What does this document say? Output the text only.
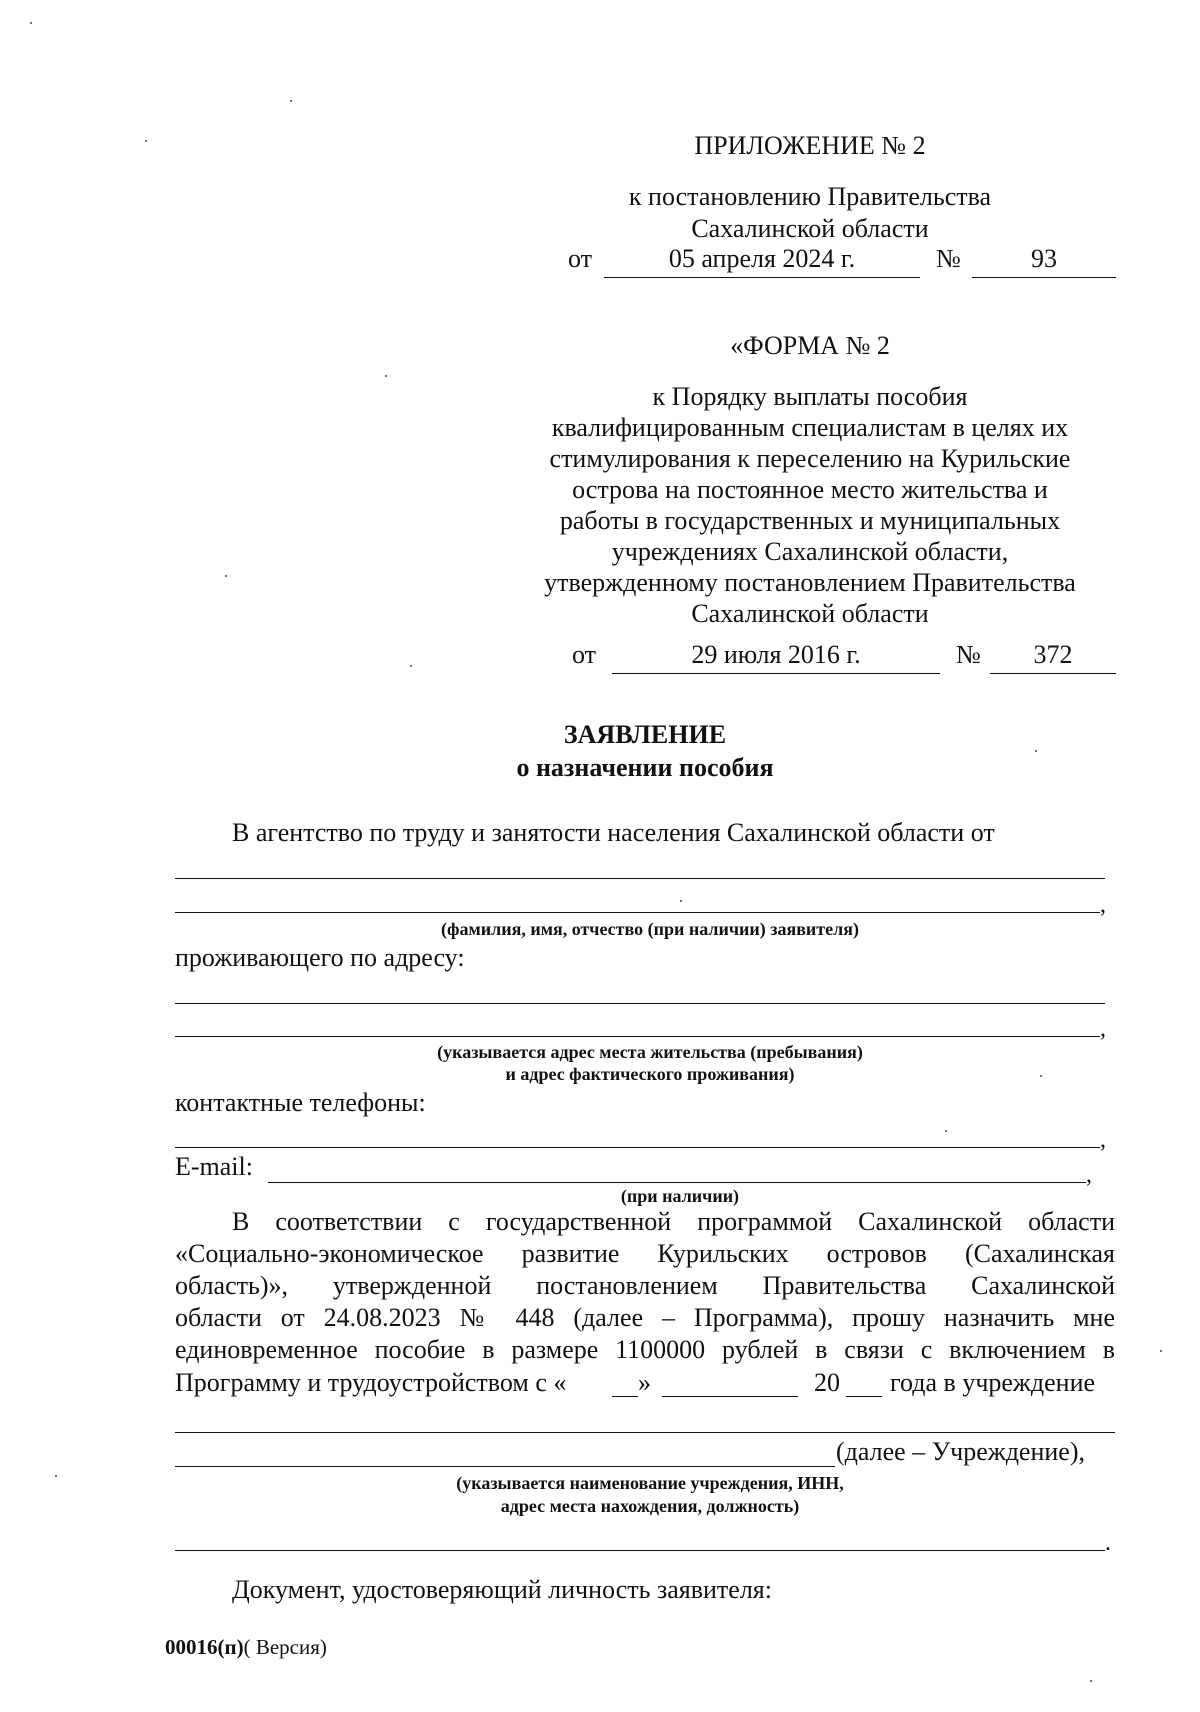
ПРИЛОЖЕНИЕ № 2
к постановлению Правительства
Сахалинской области
от	05 апреля 2024 г.	№	93
«ФОРМА № 2
к Порядку выплаты пособия
квалифицированным специалистам в целях их
стимулирования к переселению на Курильские
острова на постоянное место жительства и
работы в государственных и муниципальных
учреждениях Сахалинской области,
утвержденному постановлением Правительства
Сахалинской области
от	29 июля 2016 г.	№	372
ЗАЯВЛЕНИЕ
о назначении пособия
В агентство по труду и занятости населения Сахалинской области от
,
(фамилия, имя, отчество (при наличии) заявителя)
проживающего по адресу:
,
(указывается адрес места жительства (пребывания)
и адрес фактического проживания)
контактные телефоны:
,
E-mail:	,
(при наличии)
В соответствии с государственной программой Сахалинской области
«Социально-экономическое развитие Курильских островов (Сахалинская
область)», утвержденной постановлением Правительства Сахалинской
области от 24.08.2023 № 448 (далее – Программа), прошу назначить мне
единовременное пособие в размере 1100000 рублей в связи с включением в
Программу и трудоустройством с «	»	20 года в учреждение
(далее – Учреждение),
(указывается наименование учреждения, ИНН,
адрес места нахождения, должность)
.
Документ, удостоверяющий личность заявителя:
00016(п)( Версия)
